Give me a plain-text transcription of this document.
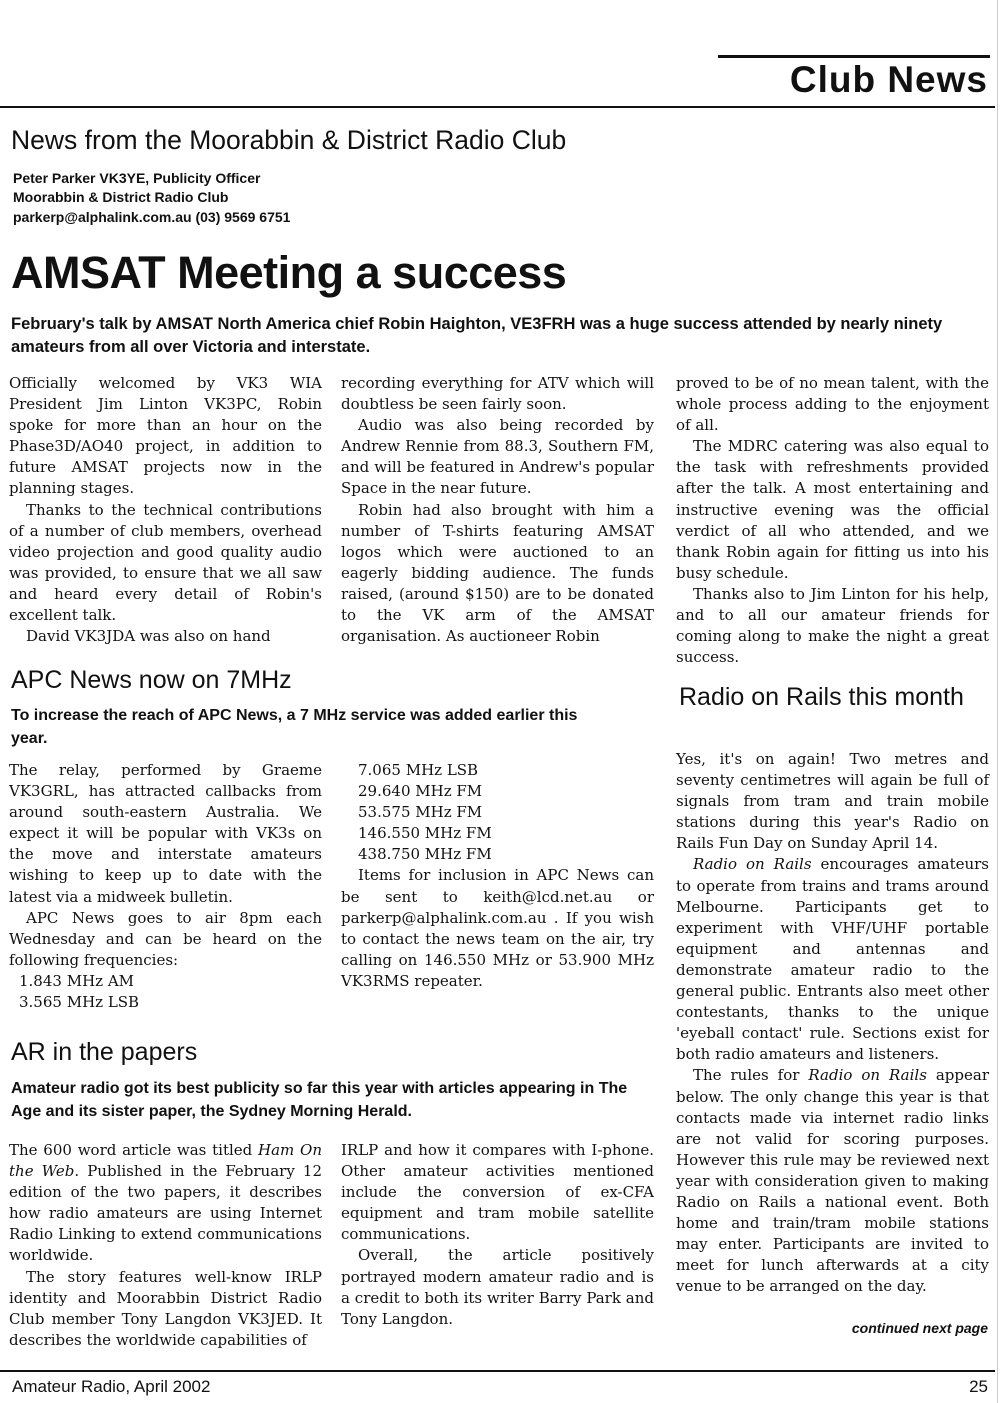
Club News
News from the Moorabbin & District Radio Club
Peter Parker VK3YE, Publicity Officer
Moorabbin & District Radio Club
parkerp@alphalink.com.au (03) 9569 6751
AMSAT Meeting a success
February's talk by AMSAT North America chief Robin Haighton, VE3FRH was a huge success attended by nearly ninety amateurs from all over Victoria and interstate.

Officially welcomed by VK3 WIA President Jim Linton VK3PC, Robin spoke for more than an hour on the Phase3D/AO40 project, in addition to future AMSAT projects now in the planning stages.

Thanks to the technical contributions of a number of club members, overhead video projection and good quality audio was provided, to ensure that we all saw and heard every detail of Robin's excellent talk.

David VK3JDA was also on hand

recording everything for ATV which will doubtless be seen fairly soon.

Audio was also being recorded by Andrew Rennie from 88.3, Southern FM, and will be featured in Andrew's popular Space in the near future.

Robin had also brought with him a number of T-shirts featuring AMSAT logos which were auctioned to an eagerly bidding audience. The funds raised, (around $150) are to be donated to the VK arm of the AMSAT organisation. As auctioneer Robin

proved to be of no mean talent, with the whole process adding to the enjoyment of all.

The MDRC catering was also equal to the task with refreshments provided after the talk. A most entertaining and instructive evening was the official verdict of all who attended, and we thank Robin again for fitting us into his busy schedule.

Thanks also to Jim Linton for his help, and to all our amateur friends for coming along to make the night a great success.

APC News now on 7MHz
To increase the reach of APC News, a 7 MHz service was added earlier this year.

The relay, performed by Graeme VK3GRL, has attracted callbacks from around south-eastern Australia. We expect it will be popular with VK3s on the move and interstate amateurs wishing to keep up to date with the latest via a midweek bulletin.

APC News goes to air 8pm each Wednesday and can be heard on the following frequencies:

1.843 MHz AM
3.565 MHz LSB
7.065 MHz LSB
29.640 MHz FM
53.575 MHz FM
146.550 MHz FM
438.750 MHz FM

Items for inclusion in APC News can be sent to keith@lcd.net.au or parkerp@alphalink.com.au . If you wish to contact the news team on the air, try calling on 146.550 MHz or 53.900 MHz VK3RMS repeater.

AR in the papers
Amateur radio got its best publicity so far this year with articles appearing in The Age and its sister paper, the Sydney Morning Herald.

The 600 word article was titled Ham On the Web. Published in the February 12 edition of the two papers, it describes how radio amateurs are using Internet Radio Linking to extend communications worldwide.

The story features well-know IRLP identity and Moorabbin District Radio Club member Tony Langdon VK3JED. It describes the worldwide capabilities of

IRLP and how it compares with I-phone. Other amateur activities mentioned include the conversion of ex-CFA equipment and tram mobile satellite communications.

Overall, the article positively portrayed modern amateur radio and is a credit to both its writer Barry Park and Tony Langdon.

Radio on Rails this month

Yes, it's on again! Two metres and seventy centimetres will again be full of signals from tram and train mobile stations during this year's Radio on Rails Fun Day on Sunday April 14.

Radio on Rails encourages amateurs to operate from trains and trams around Melbourne. Participants get to experiment with VHF/UHF portable equipment and antennas and demonstrate amateur radio to the general public. Entrants also meet other contestants, thanks to the unique 'eyeball contact' rule. Sections exist for both radio amateurs and listeners.

The rules for Radio on Rails appear below. The only change this year is that contacts made via internet radio links are not valid for scoring purposes. However this rule may be reviewed next year with consideration given to making Radio on Rails a national event. Both home and train/tram mobile stations may enter. Participants are invited to meet for lunch afterwards at a city venue to be arranged on the day.

continued next page
Amateur Radio, April 2002	25
